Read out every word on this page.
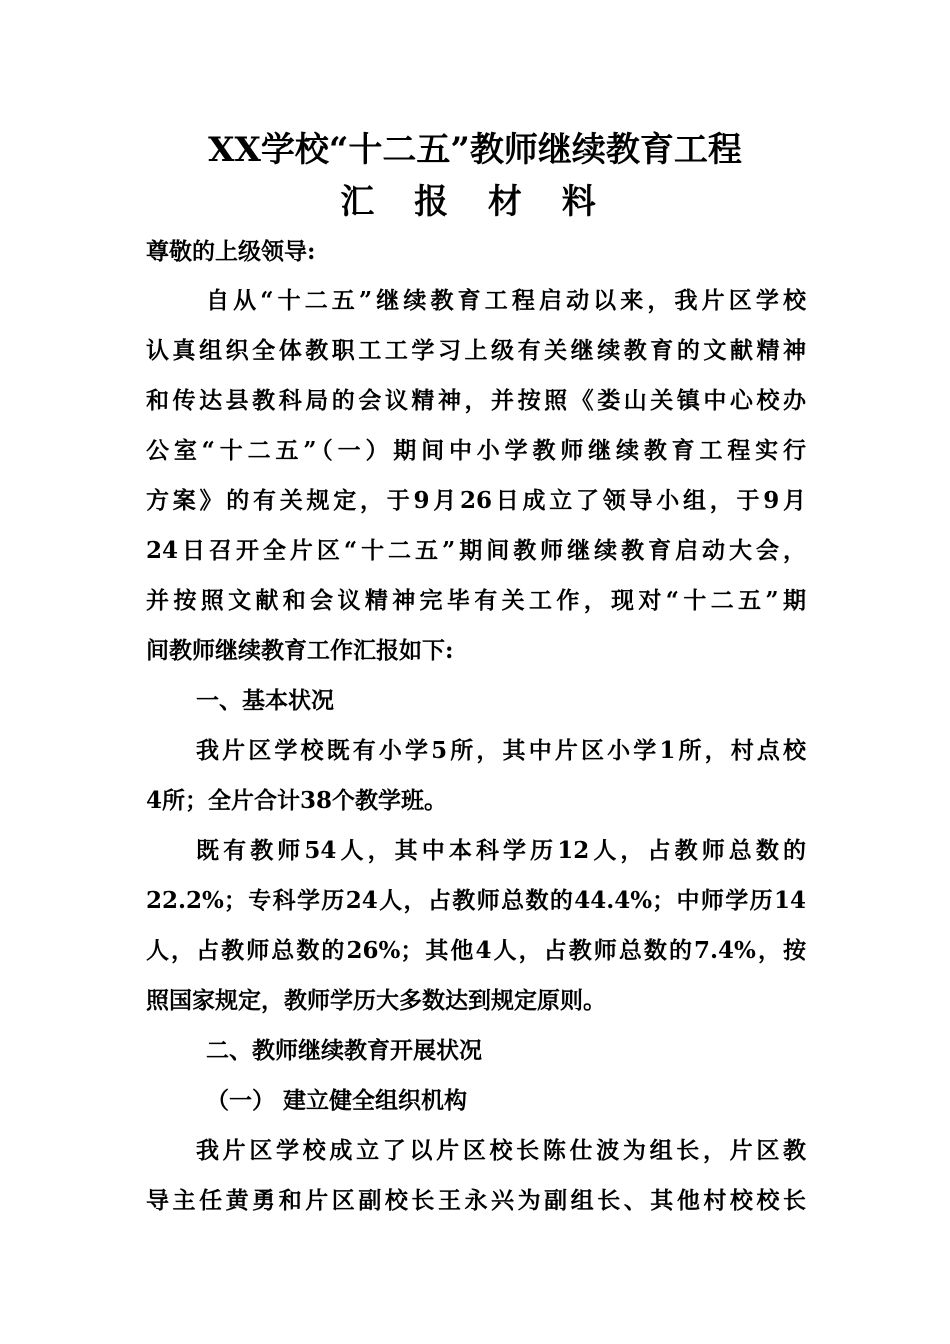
XX学校“十二五”教师继续教育工程
汇 报 材 料
尊敬的上级领导:
自从“十二五”继续教育工程启动以来，我片区学校
认真组织全体教职工工学习上级有关继续教育的文献精神
和传达县教科局的会议精神，并按照《娄山关镇中心校办
公室“十二五”（一）期间中小学教师继续教育工程实行
方案》的有关规定，于9月26日成立了领导小组，于9月
24日召开全片区“十二五”期间教师继续教育启动大会，
并按照文献和会议精神完毕有关工作，现对“十二五”期
间教师继续教育工作汇报如下:
一、基本状况
我片区学校既有小学5所，其中片区小学1所，村点校
4所；全片合计38个教学班。
既有教师54人，其中本科学历12人，占教师总数的
22.2%；专科学历24人，占教师总数的44.4%；中师学历14
人，占教师总数的26%；其他4人，占教师总数的7.4%，按
照国家规定，教师学历大多数达到规定原则。
二、教师继续教育开展状况
（一） 建立健全组织机构
我片区学校成立了以片区校长陈仕波为组长，片区教
导主任黄勇和片区副校长王永兴为副组长、其他村校校长
